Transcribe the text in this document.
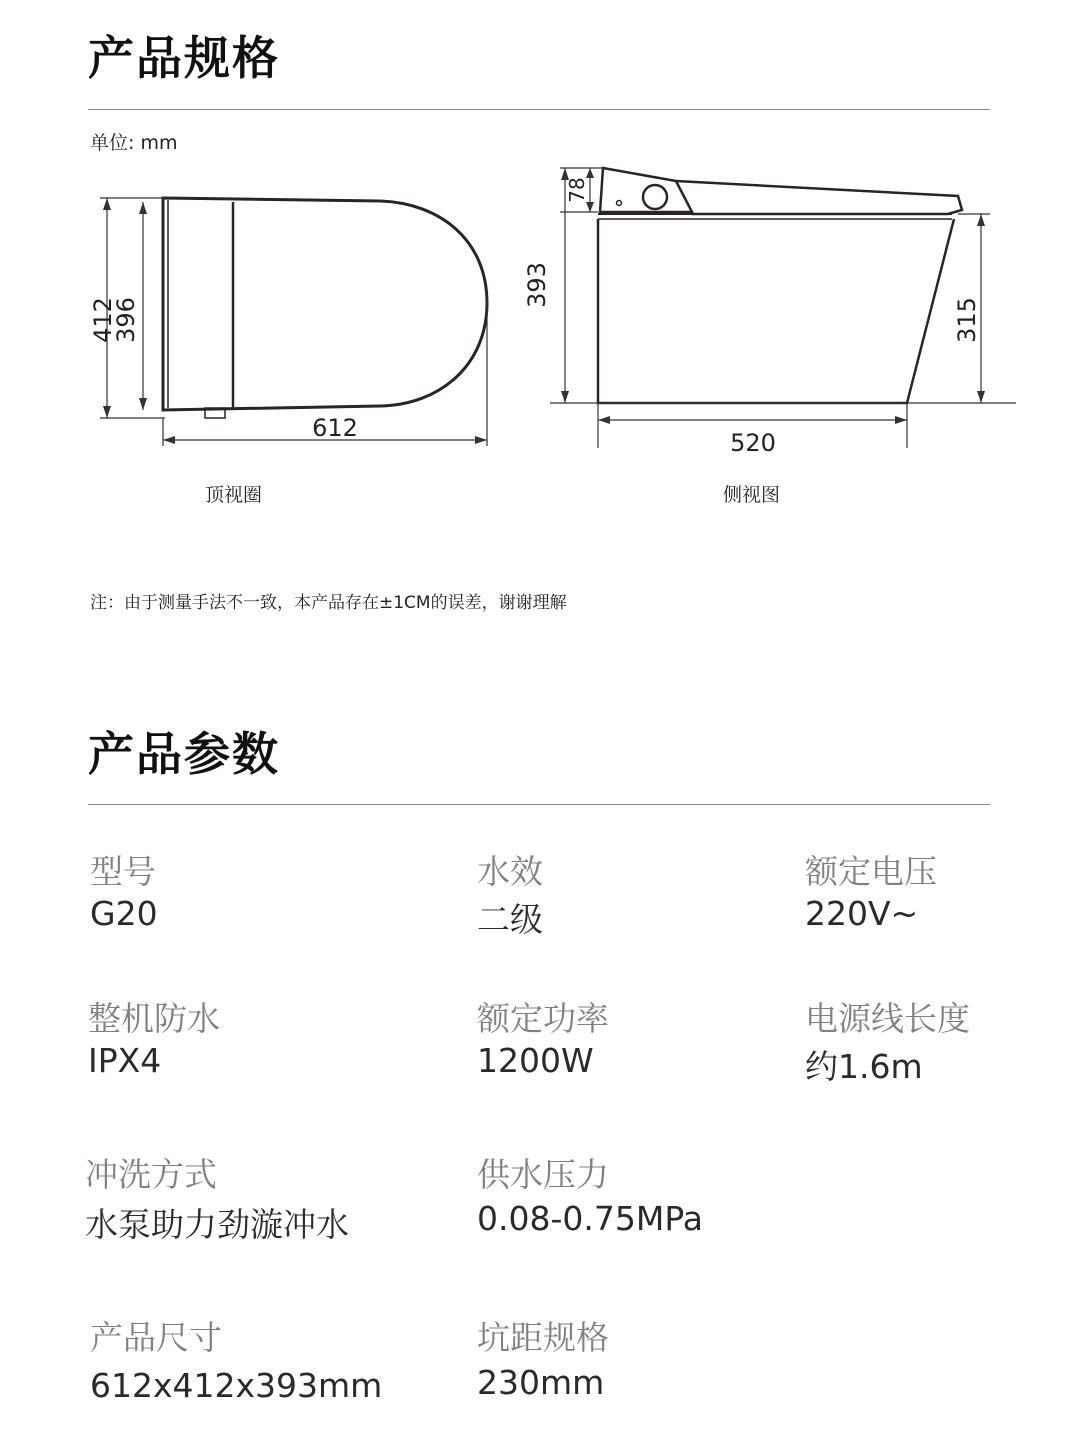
产品规格
单位: mm
412
396
612
393
78
315
520
顶视圈	侧视图
注：由于测量手法不一致，本产品存在±1CM的误差，谢谢理解
产品参数
型号
G20
水效
二级
额定电压
220V~
整机防水
IPX4
额定功率
1200W
电源线长度
约1.6m
冲洗方式
水泵助力劲漩冲水
供水压力
0.08-0.75MPa
产品尺寸
612x412x393mm
坑距规格
230mm
